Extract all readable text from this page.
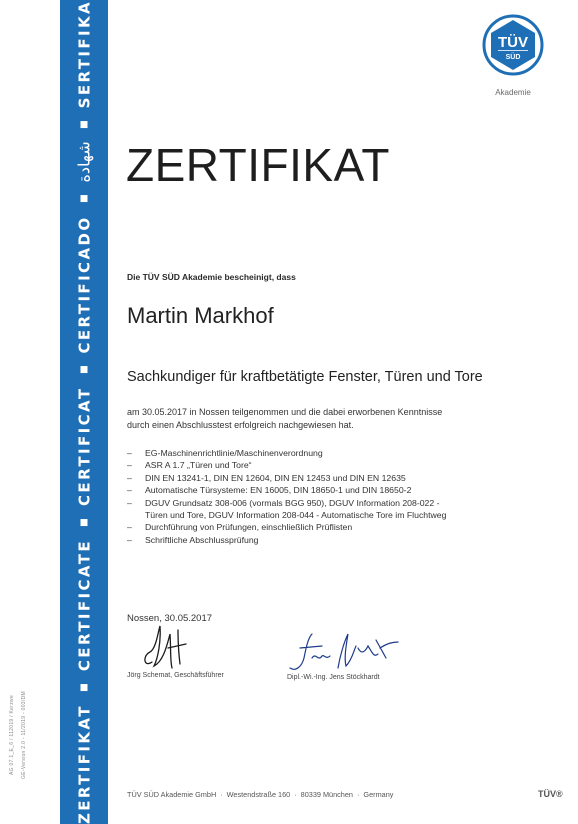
AG 07.1_E_6 / 112019 / Kerzwe GE-Version 2.0 - 11/2019 - 003/DM	ZERTIFIKATCERTIFICATECERTIFICATCERTIFICADOشهادةSERTIFIKA	TÜV
SÜD
Akademie
ZERTIFIKAT
Die TÜV SÜD Akademie bescheinigt, dass
Martin Markhof
Sachkundiger für kraftbetätigte Fenster, Türen und Tore
am 30.05.2017 in Nossen teilgenommen und die dabei erworbenen Kenntnisse
durch einen Abschlusstest erfolgreich nachgewiesen hat.
– EG-Maschinenrichtlinie/Maschinenverordnung
– ASR A 1.7 „Türen und Tore“
– DIN EN 13241-1, DIN EN 12604, DIN EN 12453 und DIN EN 12635
– Automatische Türsysteme: EN 16005, DIN 18650-1 und DIN 18650-2
– DGUV Grundsatz 308-006 (vormals BGG 950), DGUV Information 208-022 -
Türen und Tore, DGUV Information 208-044 - Automatische Tore im Fluchtweg
– Durchführung von Prüfungen, einschließlich Prüflisten
– Schriftliche Abschlussprüfung
Nossen, 30.05.2017
Jörg Schemat, Geschäftsführer	Dipl.-Wi.-Ing. Jens Stöckhardt
TÜV SÜD Akademie GmbH · Westendstraße 160 · 80339 München · Germany	TÜV®
